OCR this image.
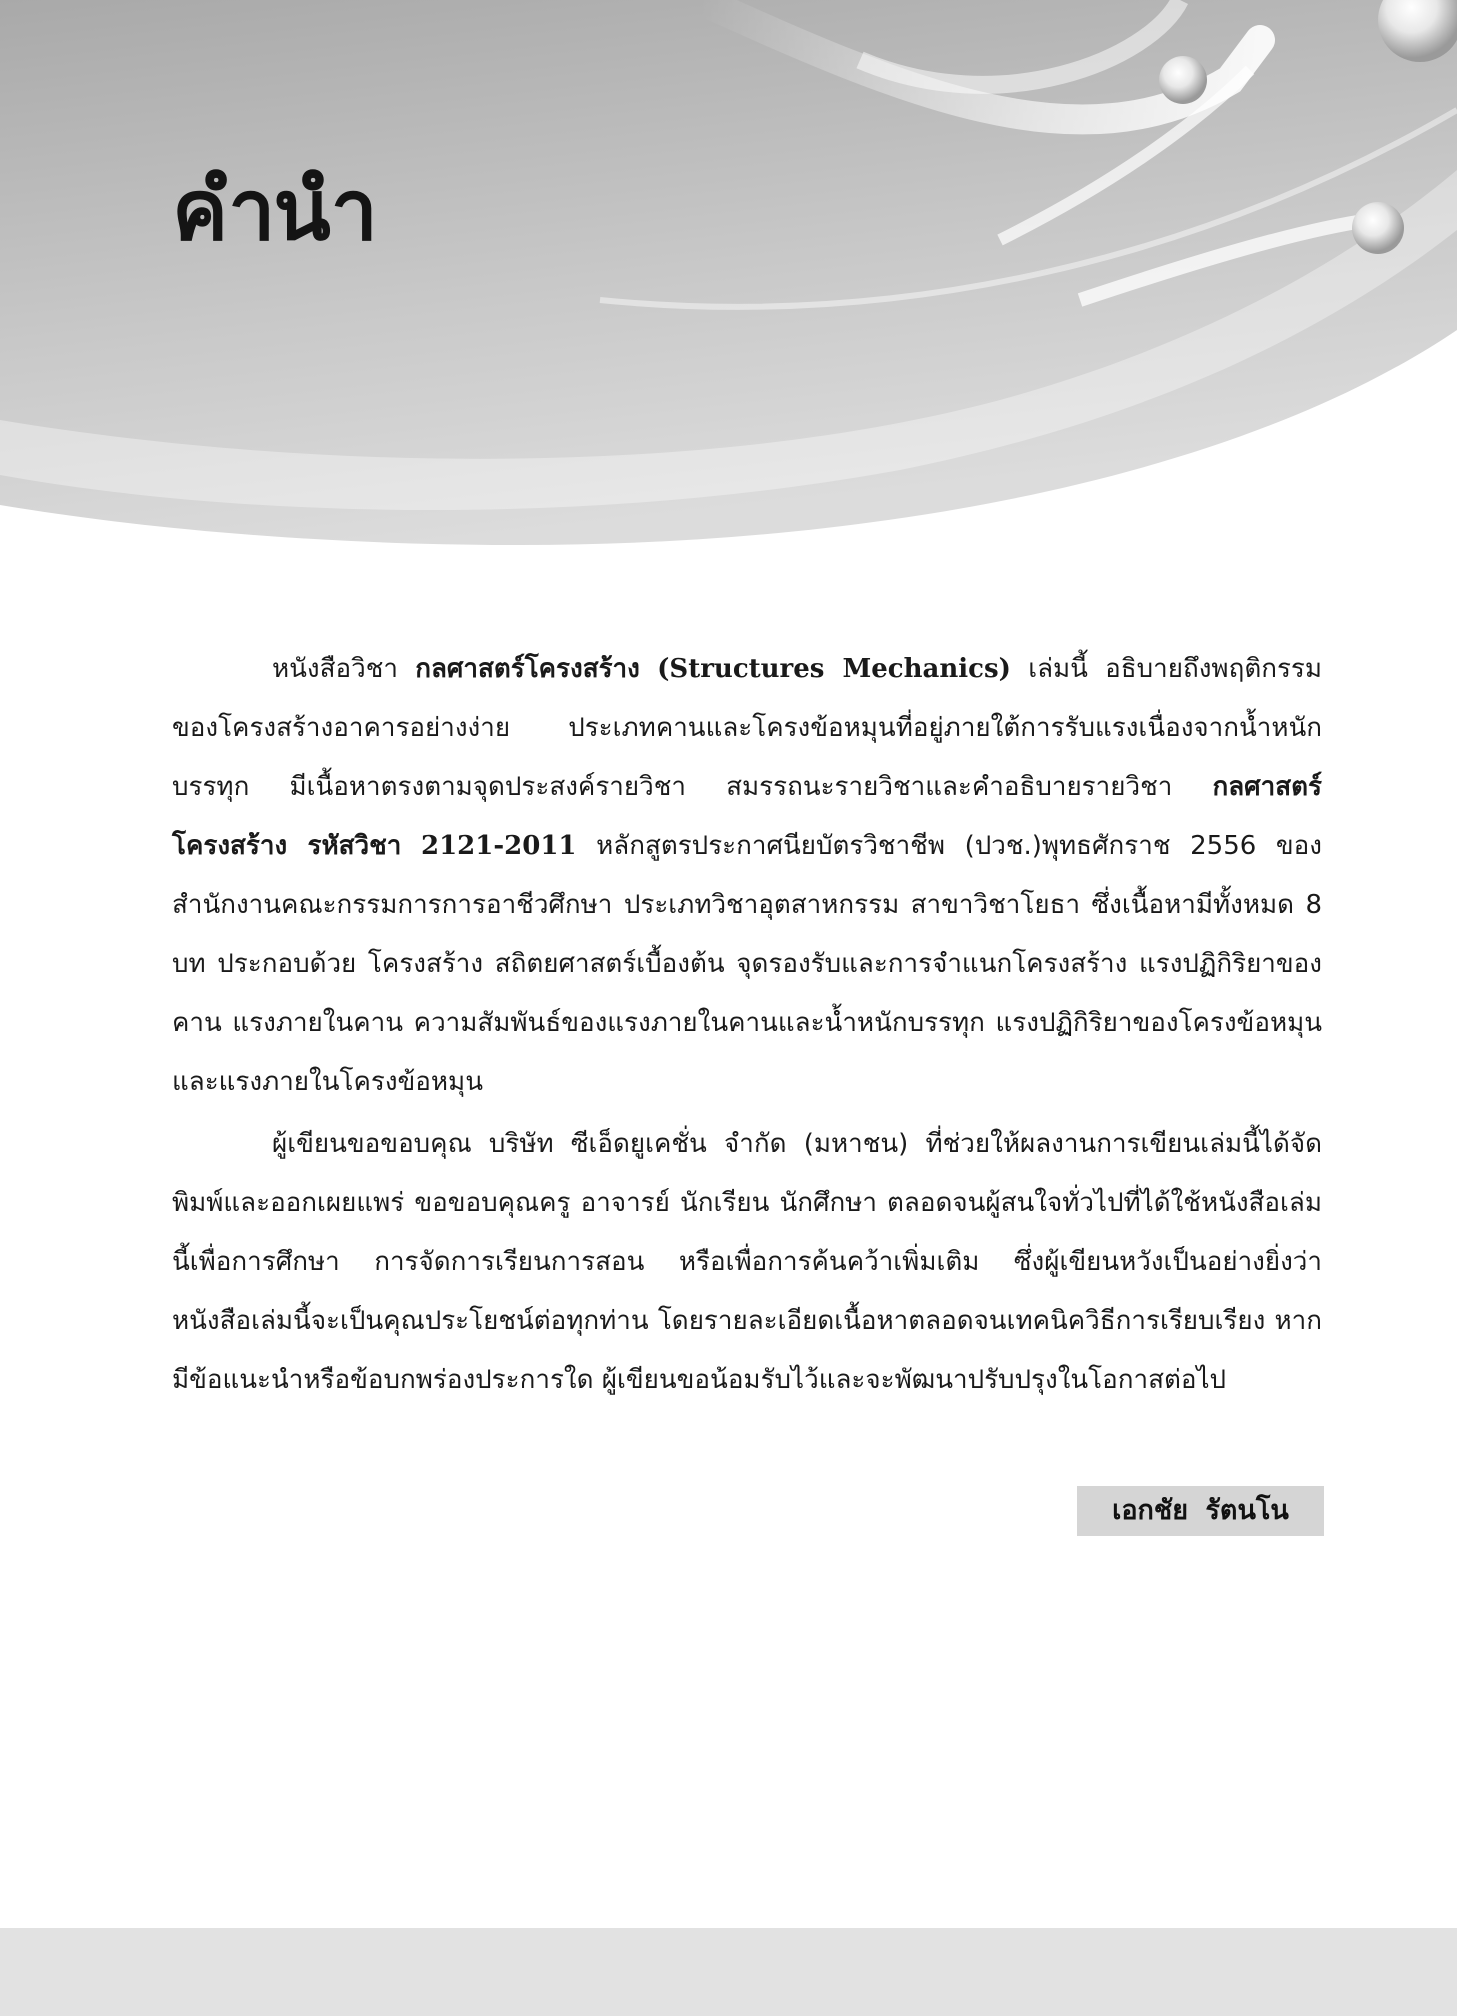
คำนำ

หนังสือวิชา กลศาสตร์โครงสร้าง (Structures Mechanics) เล่มนี้ อธิบายถึงพฤติกรรมของโครงสร้างอาคารอย่างง่าย ประเภทคานและโครงข้อหมุนที่อยู่ภายใต้การรับแรงเนื่องจากน้ำหนักบรรทุก มีเนื้อหาตรงตามจุดประสงค์รายวิชา สมรรถนะรายวิชาและคำอธิบายรายวิชา กลศาสตร์โครงสร้าง รหัสวิชา 2121-2011 หลักสูตรประกาศนียบัตรวิชาชีพ (ปวช.)พุทธศักราช 2556 ของสำนักงานคณะกรรมการการอาชีวศึกษา ประเภทวิชาอุตสาหกรรม สาขาวิชาโยธา ซึ่งเนื้อหามีทั้งหมด 8 บท ประกอบด้วย โครงสร้าง สถิตยศาสตร์เบื้องต้น จุดรองรับและการจำแนกโครงสร้าง แรงปฏิกิริยาของคาน แรงภายในคาน ความสัมพันธ์ของแรงภายในคานและน้ำหนักบรรทุก แรงปฏิกิริยาของโครงข้อหมุน และแรงภายในโครงข้อหมุน

ผู้เขียนขอขอบคุณ บริษัท ซีเอ็ดยูเคชั่น จำกัด (มหาชน) ที่ช่วยให้ผลงานการเขียนเล่มนี้ได้จัดพิมพ์และออกเผยแพร่ ขอขอบคุณครู อาจารย์ นักเรียน นักศึกษา ตลอดจนผู้สนใจทั่วไปที่ได้ใช้หนังสือเล่มนี้เพื่อการศึกษา การจัดการเรียนการสอน หรือเพื่อการค้นคว้าเพิ่มเติม ซึ่งผู้เขียนหวังเป็นอย่างยิ่งว่า หนังสือเล่มนี้จะเป็นคุณประโยชน์ต่อทุกท่าน โดยรายละเอียดเนื้อหาตลอดจนเทคนิควิธีการเรียบเรียง หากมีข้อแนะนำหรือข้อบกพร่องประการใด ผู้เขียนขอน้อมรับไว้และจะพัฒนาปรับปรุงในโอกาสต่อไป

เอกชัย รัตนโน
